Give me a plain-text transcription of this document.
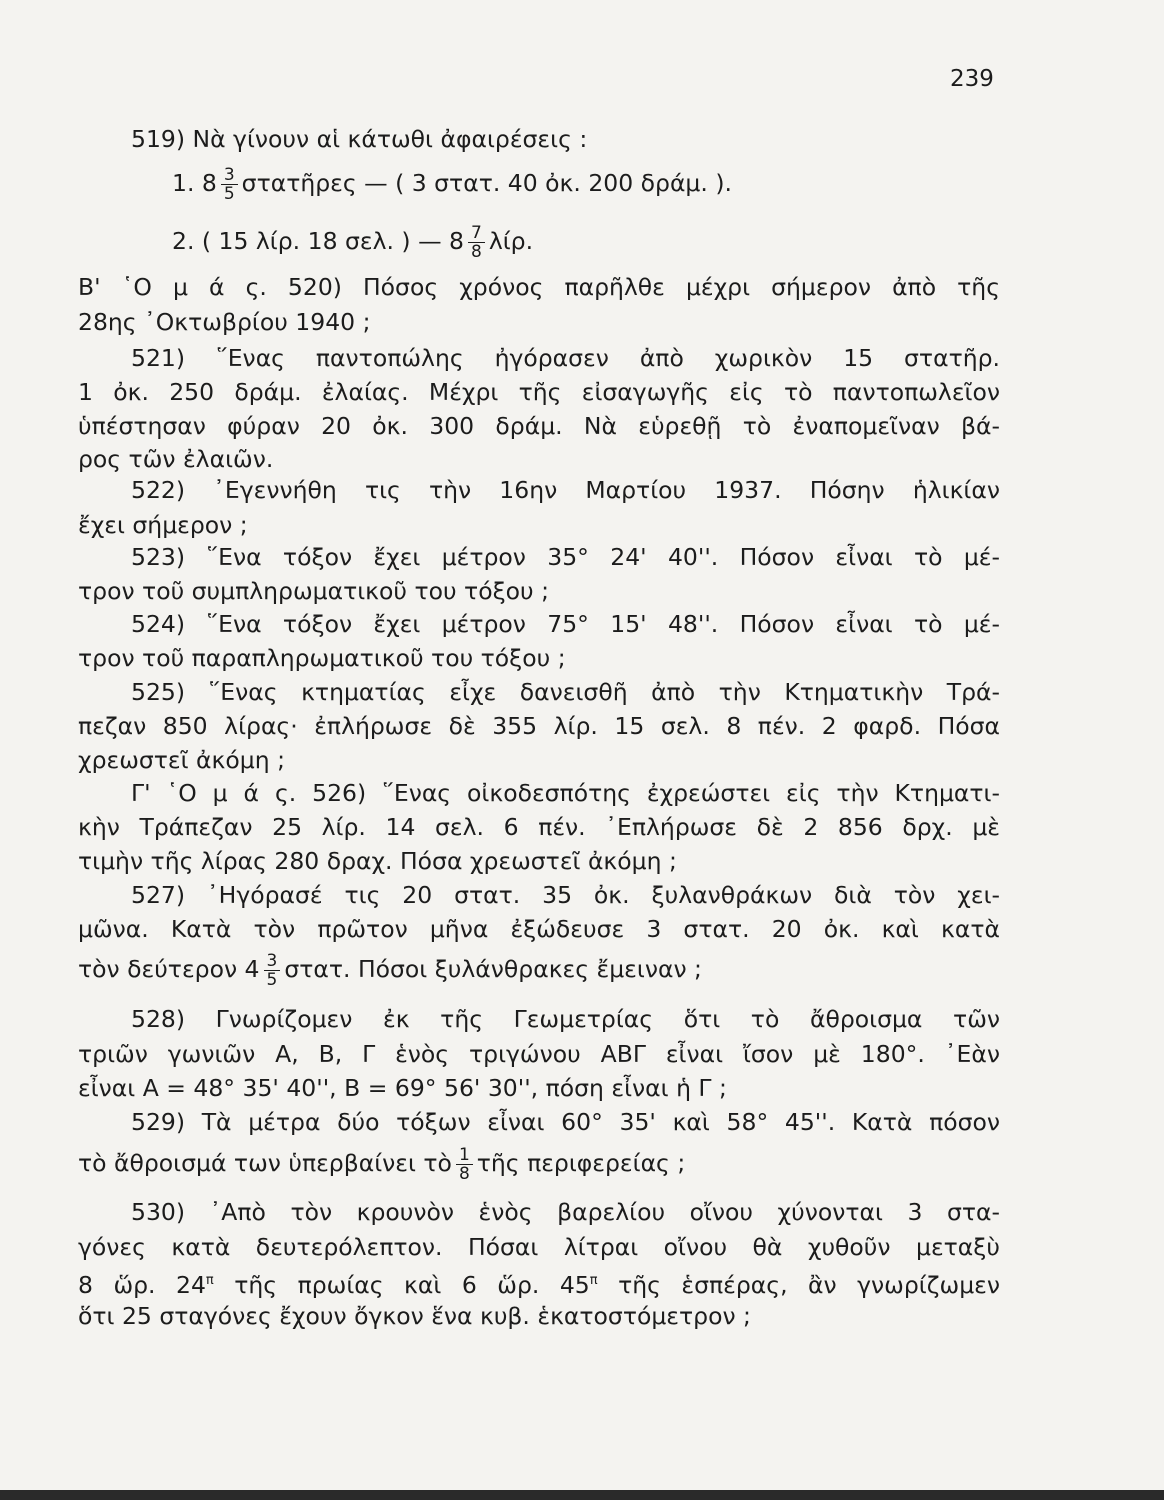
239
519) Νὰ γίνουν αἱ κάτωθι ἀφαιρέσεις :
1. $8 \frac{3}{5}$ στατῆρες — ( 3 στατ. 40 ὀκ. 200 δράμ. ).
2. ( 15 λίρ. 18 σελ. ) — $8 \frac{7}{8} \lambda ί\rho$.
Β' ῾Ο μ ά ς. 520) Πόσος χρόνος παρῆλθε μέχρι σήμερον ἀπὸ τῆς
28ης ᾿Οκτωβρίου 1940 ;
521) ῞Ενας παντοπώλης ἠγόρασεν ἀπὸ χωρικὸν 15 στατῆρ.
1 ὀκ. 250 δράμ. ἐλαίας. Μέχρι τῆς εἰσαγωγῆς εἰς τὸ παντοπωλεῖον
ὑπέστησαν φύραν 20 ὀκ. 300 δράμ. Νὰ εὑρεθῇ τὸ ἐναπομεῖναν βά-
ρος τῶν ἐλαιῶν.
522) ᾿Εγεννήθη τις τὴν 16ην Μαρτίου 1937. Πόσην ἡλικίαν
ἔχει σήμερον ;
523) ῞Ενα τόξον ἔχει μέτρον 35° 24' 40''. Πόσον εἶναι τὸ μέ-
τρον τοῦ συμπληρωματικοῦ του τόξου ;
524) ῞Ενα τόξον ἔχει μέτρον 75° 15' 48''. Πόσον εἶναι τὸ μέ-
τρον τοῦ παραπληρωματικοῦ του τόξου ;
525) ῞Ενας κτηματίας εἶχε δανεισθῆ ἀπὸ τὴν Κτηματικὴν Τρά-
πεζαν 850 λίρας· ἐπλήρωσε δὲ 355 λίρ. 15 σελ. 8 πέν. 2 φαρδ. Πόσα
χρεωστεῖ ἀκόμη ;
Γ' ῾Ο μ ά ς. 526) ῞Ενας οἰκοδεσπότης ἐχρεώστει εἰς τὴν Κτηματι-
κὴν Τράπεζαν 25 λίρ. 14 σελ. 6 πέν. ᾿Επλήρωσε δὲ 2 856 δρχ. μὲ
τιμὴν τῆς λίρας 280 δραχ. Πόσα χρεωστεῖ ἀκόμη ;
527) ᾿Ηγόρασέ τις 20 στατ. 35 ὀκ. ξυλανθράκων διὰ τὸν χει-
μῶνα. Κατὰ τὸν πρῶτον μῆνα ἐξώδευσε 3 στατ. 20 ὀκ. καὶ κατὰ
τὸν δεύτερον $4 \frac{3}{5} \sigma\tau\alpha\tau$. Πόσοι ξυλάνθρακες ἔμειναν ;
528) Γνωρίζομεν ἐκ τῆς Γεωμετρίας ὅτι τὸ ἄθροισμα τῶν
τριῶν γωνιῶν Α, Β, Γ ἑνὸς τριγώνου ΑΒΓ εἶναι ἴσον μὲ 180°. ᾿Εὰν
εἶναι Α = 48° 35' 40'', Β = 69° 56' 30'', πόση εἶναι ἡ Γ ;
529) Τὰ μέτρα δύο τόξων εἶναι 60° 35' καὶ 58° 45''. Κατὰ πόσον
τὸ ἄθροισμά των ὑπερβαίνει τὸ $\frac{1}{8}$ τῆς περιφερείας ;
530) ᾿Απὸ τὸν κρουνὸν ἑνὸς βαρελίου οἴνου χύνονται 3 στα-
γόνες κατὰ δευτερόλεπτον. Πόσαι λίτραι οἴνου θὰ χυθοῦν μεταξὺ
8 ὥρ. $24^\pi$ τῆς πρωίας καὶ 6 ὥρ. $45^\pi$ τῆς ἑσπέρας, ἂν γνωρίζωμεν
ὅτι 25 σταγόνες ἔχουν ὄγκον ἕνα κυβ. ἑκατοστόμετρον ;
